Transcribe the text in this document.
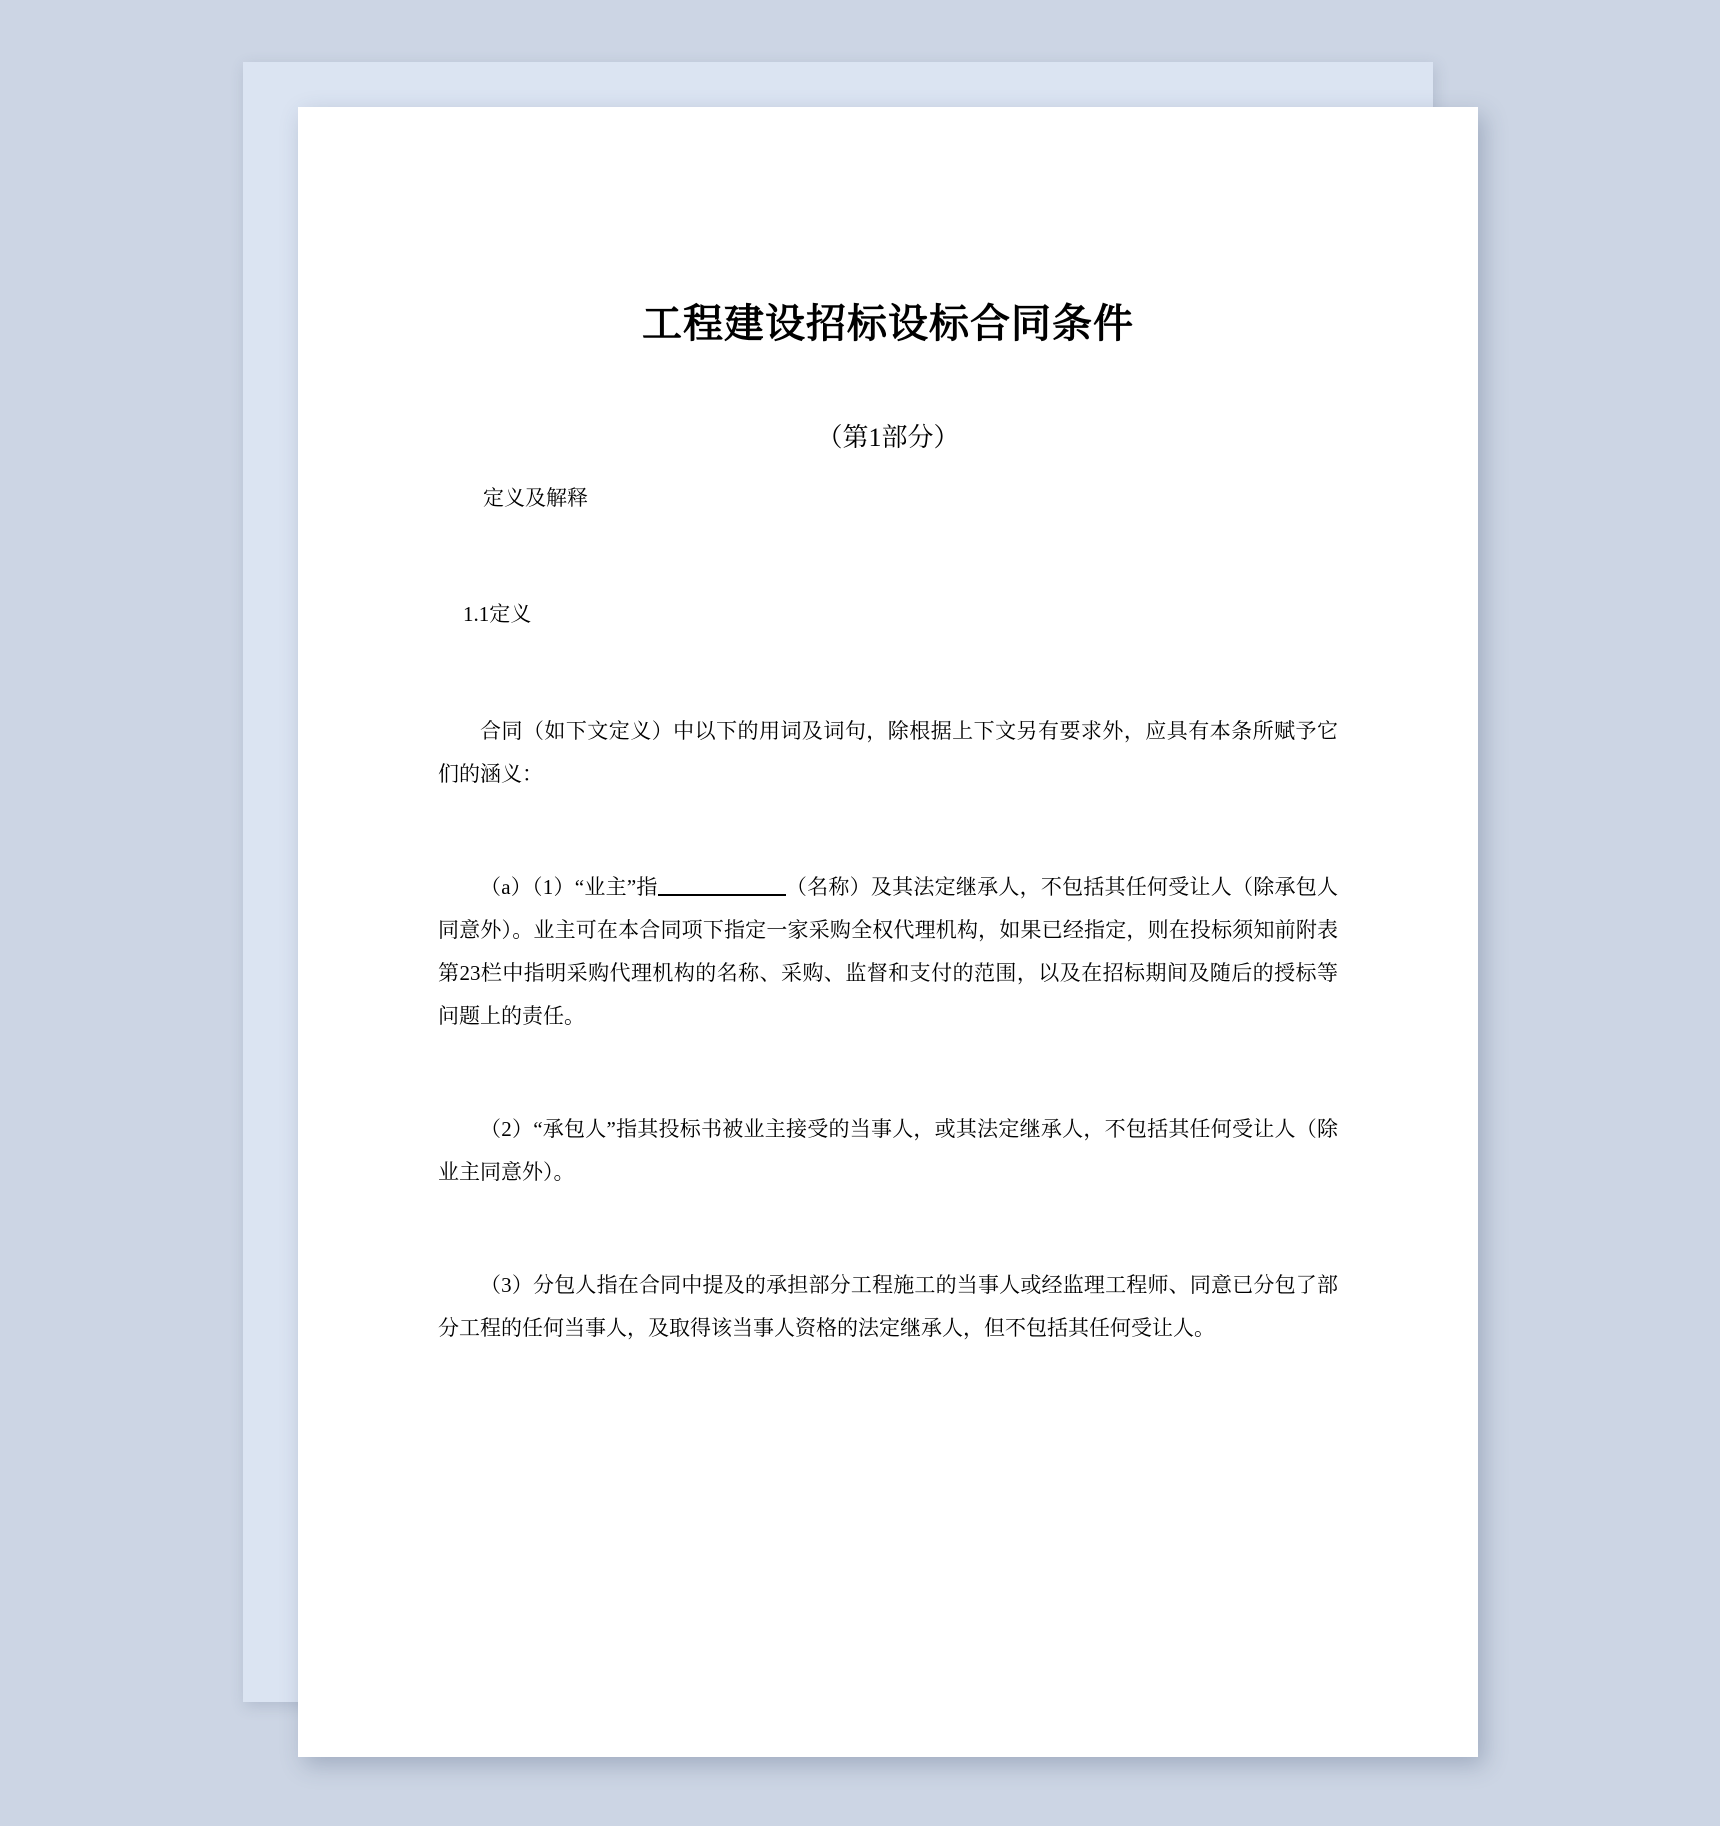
工程建设招标设标合同条件
（第1部分）
定义及解释
1.1定义

合同（如下文定义）中以下的用词及词句，除根据上下文另有要求外，应具有本条所赋予它们的涵义：

（a）（1）“业主”指	（名称）及其法定继承人，不包括其任何受让人（除承包人同意外）。业主可在本合同项下指定一家采购全权代理机构，如果已经指定，则在投标须知前附表第23栏中指明采购代理机构的名称、采购、监督和支付的范围，以及在招标期间及随后的授标等问题上的责任。

（2）“承包人”指其投标书被业主接受的当事人，或其法定继承人，不包括其任何受让人（除业主同意外）。

（3）分包人指在合同中提及的承担部分工程施工的当事人或经监理工程师、同意已分包了部分工程的任何当事人，及取得该当事人资格的法定继承人，但不包括其任何受让人。
